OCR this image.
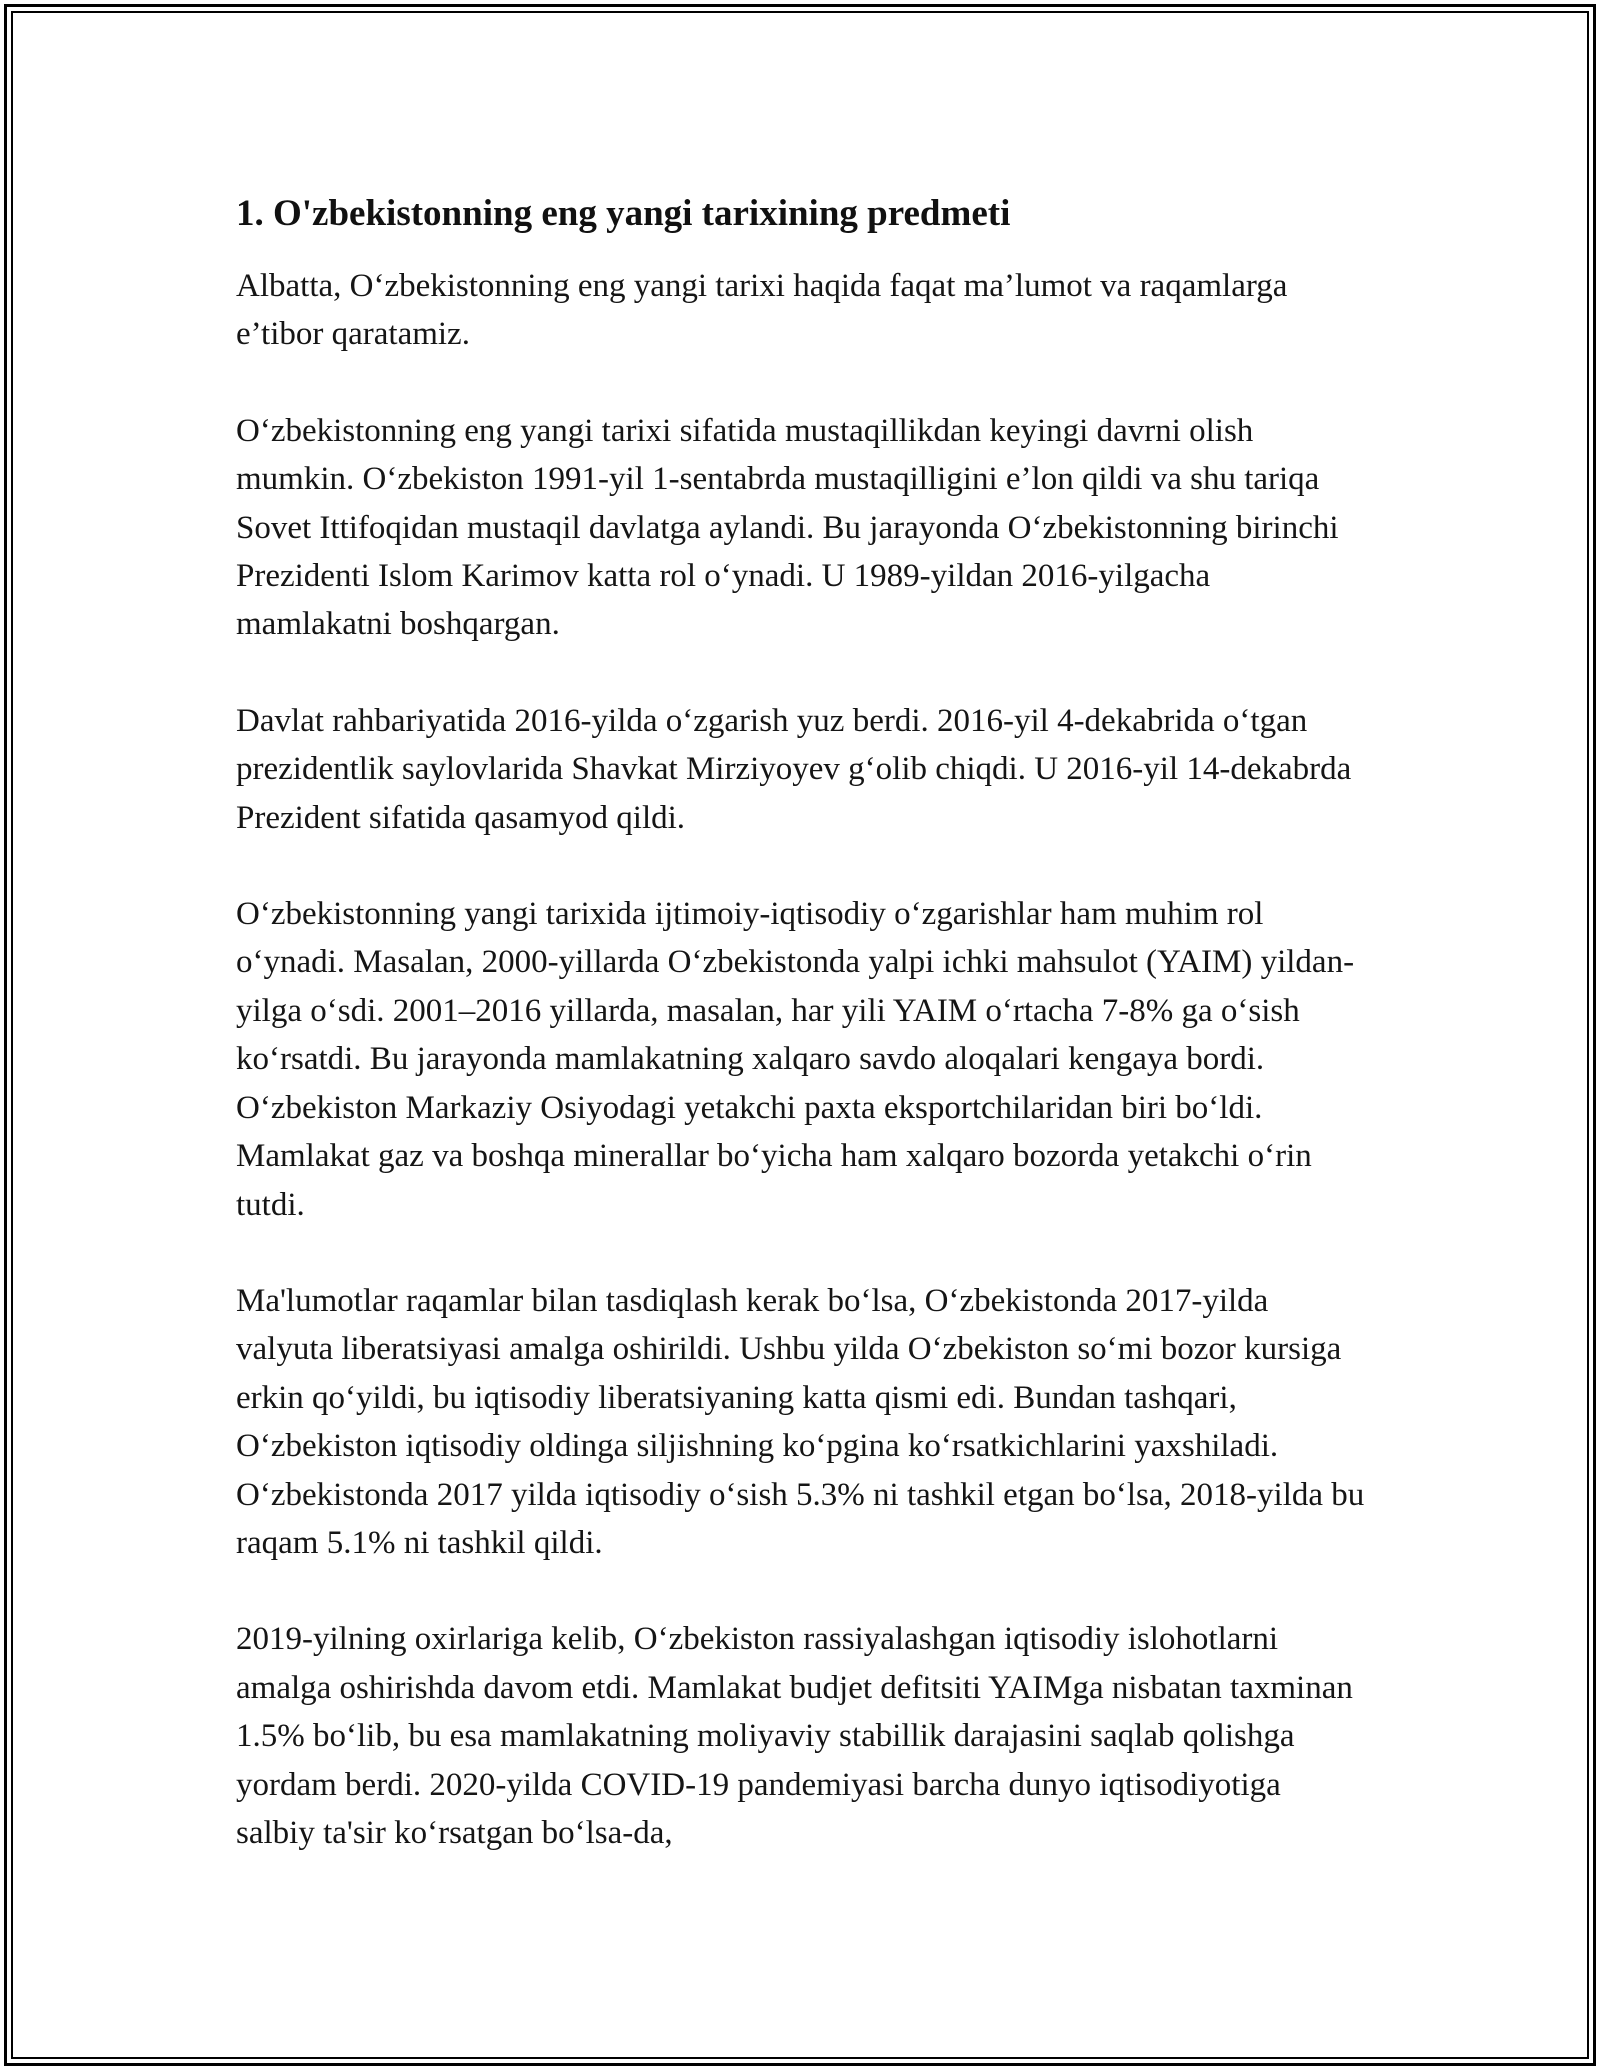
1. O'zbekistonning eng yangi tarixining predmeti

Albatta, O‘zbekistonning eng yangi tarixi haqida faqat ma’lumot va raqamlarga e’tibor qaratamiz.

O‘zbekistonning eng yangi tarixi sifatida mustaqillikdan keyingi davrni olish mumkin. O‘zbekiston 1991-yil 1-sentabrda mustaqilligini e’lon qildi va shu tariqa Sovet Ittifoqidan mustaqil davlatga aylandi. Bu jarayonda O‘zbekistonning birinchi Prezidenti Islom Karimov katta rol o‘ynadi. U 1989-yildan 2016-yilgacha mamlakatni boshqargan.

Davlat rahbariyatida 2016-yilda o‘zgarish yuz berdi. 2016-yil 4-dekabrida o‘tgan prezidentlik saylovlarida Shavkat Mirziyoyev g‘olib chiqdi. U 2016-yil 14-dekabrda Prezident sifatida qasamyod qildi.

O‘zbekistonning yangi tarixida ijtimoiy-iqtisodiy o‘zgarishlar ham muhim rol o‘ynadi. Masalan, 2000-yillarda O‘zbekistonda yalpi ichki mahsulot (YAIM) yildan-yilga o‘sdi. 2001–2016 yillarda, masalan, har yili YAIM o‘rtacha 7-8% ga o‘sish ko‘rsatdi. Bu jarayonda mamlakatning xalqaro savdo aloqalari kengaya bordi. O‘zbekiston Markaziy Osiyodagi yetakchi paxta eksportchilaridan biri bo‘ldi. Mamlakat gaz va boshqa minerallar bo‘yicha ham xalqaro bozorda yetakchi o‘rin tutdi.

Ma'lumotlar raqamlar bilan tasdiqlash kerak bo‘lsa, O‘zbekistonda 2017-yilda valyuta liberatsiyasi amalga oshirildi. Ushbu yilda O‘zbekiston so‘mi bozor kursiga erkin qo‘yildi, bu iqtisodiy liberatsiyaning katta qismi edi. Bundan tashqari, O‘zbekiston iqtisodiy oldinga siljishning ko‘pgina ko‘rsatkichlarini yaxshiladi. O‘zbekistonda 2017 yilda iqtisodiy o‘sish 5.3% ni tashkil etgan bo‘lsa, 2018-yilda bu raqam 5.1% ni tashkil qildi.

2019-yilning oxirlariga kelib, O‘zbekiston rassiyalashgan iqtisodiy islohotlarni amalga oshirishda davom etdi. Mamlakat budjet defitsiti YAIMga nisbatan taxminan 1.5% bo‘lib, bu esa mamlakatning moliyaviy stabillik darajasini saqlab qolishga yordam berdi. 2020-yilda COVID-19 pandemiyasi barcha dunyo iqtisodiyotiga salbiy ta'sir ko‘rsatgan bo‘lsa-da,
